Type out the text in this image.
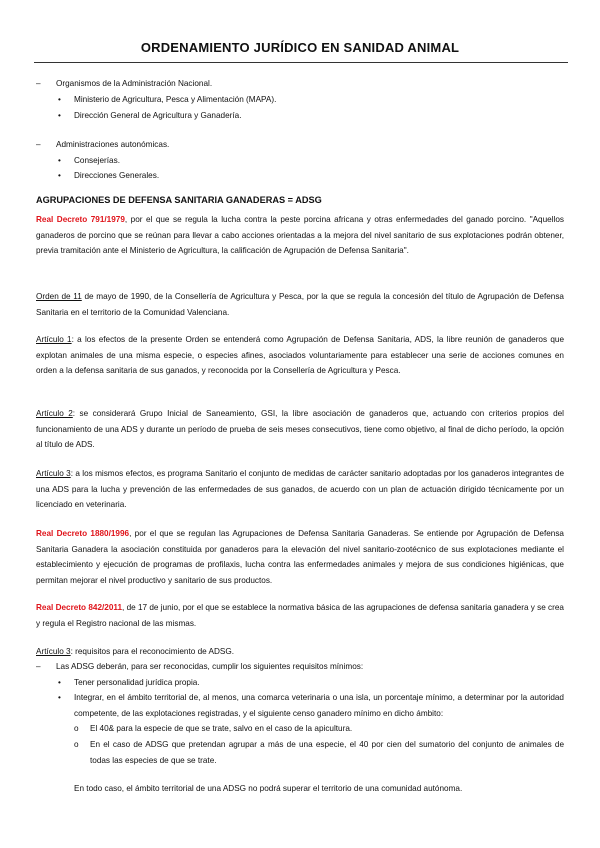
ORDENAMIENTO JURÍDICO EN SANIDAD ANIMAL
– Organismos de la Administración Nacional.
• Ministerio de Agricultura, Pesca y Alimentación (MAPA).
• Dirección General de Agricultura y Ganadería.
– Administraciones autonómicas.
• Consejerías.
• Direcciones Generales.
AGRUPACIONES DE DEFENSA SANITARIA GANADERAS = ADSG
Real Decreto 791/1979, por el que se regula la lucha contra la peste porcina africana y otras enfermedades del ganado porcino. "Aquellos ganaderos de porcino que se reúnan para llevar a cabo acciones orientadas a la mejora del nivel sanitario de sus explotaciones podrán obtener, previa tramitación ante el Ministerio de Agricultura, la calificación de Agrupación de Defensa Sanitaria".
Orden de 11 de mayo de 1990, de la Consellería de Agricultura y Pesca, por la que se regula la concesión del título de Agrupación de Defensa Sanitaria en el territorio de la Comunidad Valenciana.
Artículo 1: a los efectos de la presente Orden se entenderá como Agrupación de Defensa Sanitaria, ADS, la libre reunión de ganaderos que explotan animales de una misma especie, o especies afines, asociados voluntariamente para establecer una serie de acciones comunes en orden a la defensa sanitaria de sus ganados, y reconocida por la Consellería de Agricultura y Pesca.
Artículo 2: se considerará Grupo Inicial de Saneamiento, GSI, la libre asociación de ganaderos que, actuando con criterios propios del funcionamiento de una ADS y durante un período de prueba de seis meses consecutivos, tiene como objetivo, al final de dicho período, la opción al título de ADS.
Artículo 3: a los mismos efectos, es programa Sanitario el conjunto de medidas de carácter sanitario adoptadas por los ganaderos integrantes de una ADS para la lucha y prevención de las enfermedades de sus ganados, de acuerdo con un plan de actuación dirigido técnicamente por un licenciado en veterinaria.
Real Decreto 1880/1996, por el que se regulan las Agrupaciones de Defensa Sanitaria Ganaderas. Se entiende por Agrupación de Defensa Sanitaria Ganadera la asociación constituida por ganaderos para la elevación del nivel sanitario-zootécnico de sus explotaciones mediante el establecimiento y ejecución de programas de profilaxis, lucha contra las enfermedades animales y mejora de sus condiciones higiénicas, que permitan mejorar el nivel productivo y sanitario de sus productos.
Real Decreto 842/2011, de 17 de junio, por el que se establece la normativa básica de las agrupaciones de defensa sanitaria ganadera y se crea y regula el Registro nacional de las mismas.
Artículo 3: requisitos para el reconocimiento de ADSG.
– Las ADSG deberán, para ser reconocidas, cumplir los siguientes requisitos mínimos:
• Tener personalidad jurídica propia.
•	Integrar, en el ámbito territorial de, al menos, una comarca veterinaria o una isla, un porcentaje mínimo, a determinar por la autoridad competente, de las explotaciones registradas, y el siguiente censo ganadero mínimo en dicho ámbito:
o El 40& para la especie de que se trate, salvo en el caso de la apicultura.
o En el caso de ADSG que pretendan agrupar a más de una especie, el 40 por cien del sumatorio del conjunto de animales de todas las especies de que se trate.
En todo caso, el ámbito territorial de una ADSG no podrá superar el territorio de una comunidad autónoma.
